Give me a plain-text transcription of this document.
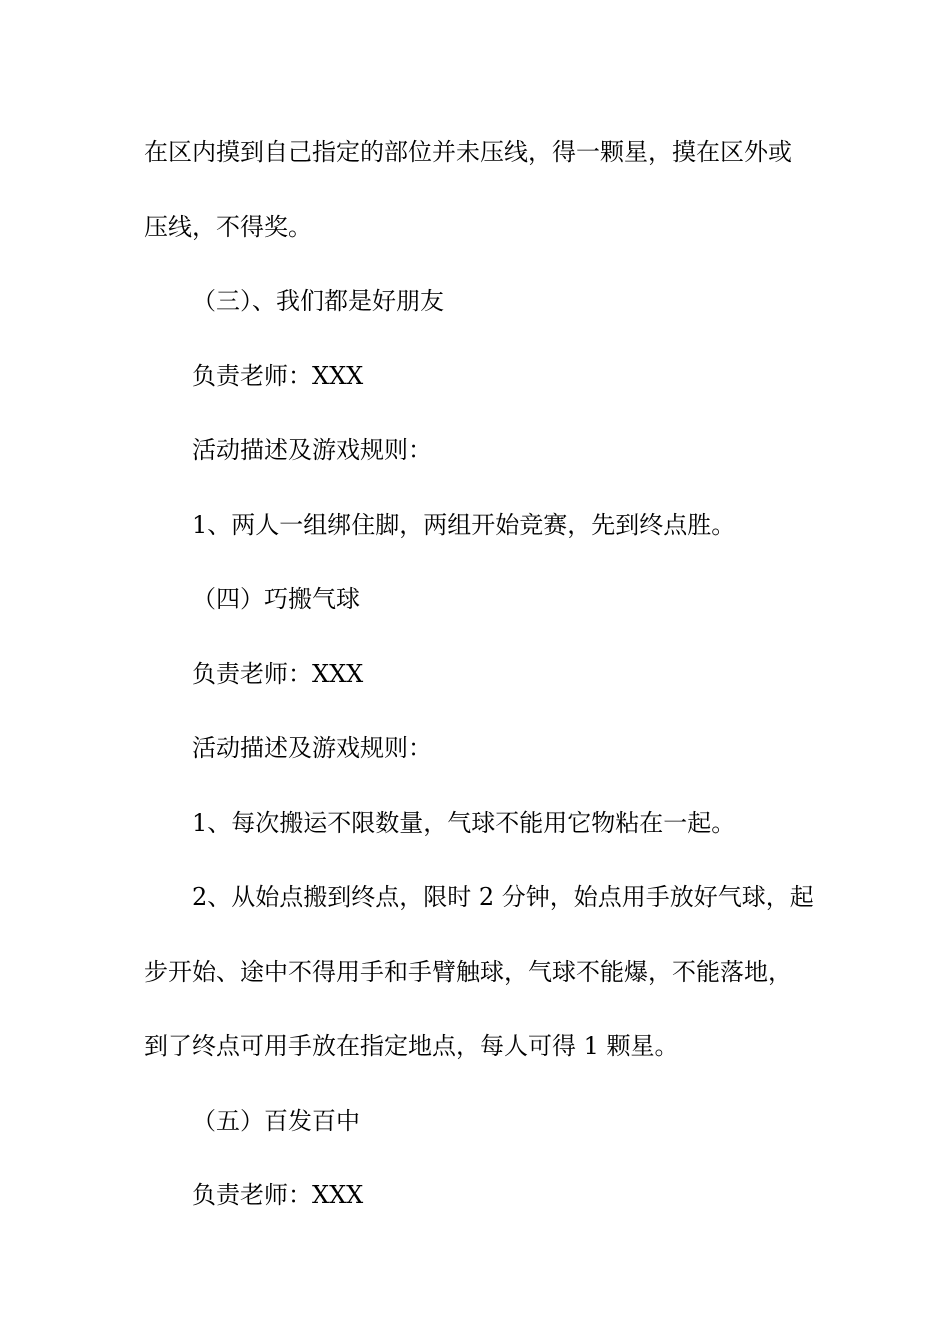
在区内摸到自己指定的部位并未压线，得一颗星，摸在区外或
压线，不得奖。
（三）、我们都是好朋友
负责老师：XXX
活动描述及游戏规则：
1、两人一组绑住脚，两组开始竞赛，先到终点胜。
（四）巧搬气球
负责老师：XXX
活动描述及游戏规则：
1、每次搬运不限数量，气球不能用它物粘在一起。
2、从始点搬到终点，限时 2 分钟，始点用手放好气球，起
步开始、途中不得用手和手臂触球，气球不能爆，不能落地，
到了终点可用手放在指定地点，每人可得 1 颗星。
（五）百发百中
负责老师：XXX
